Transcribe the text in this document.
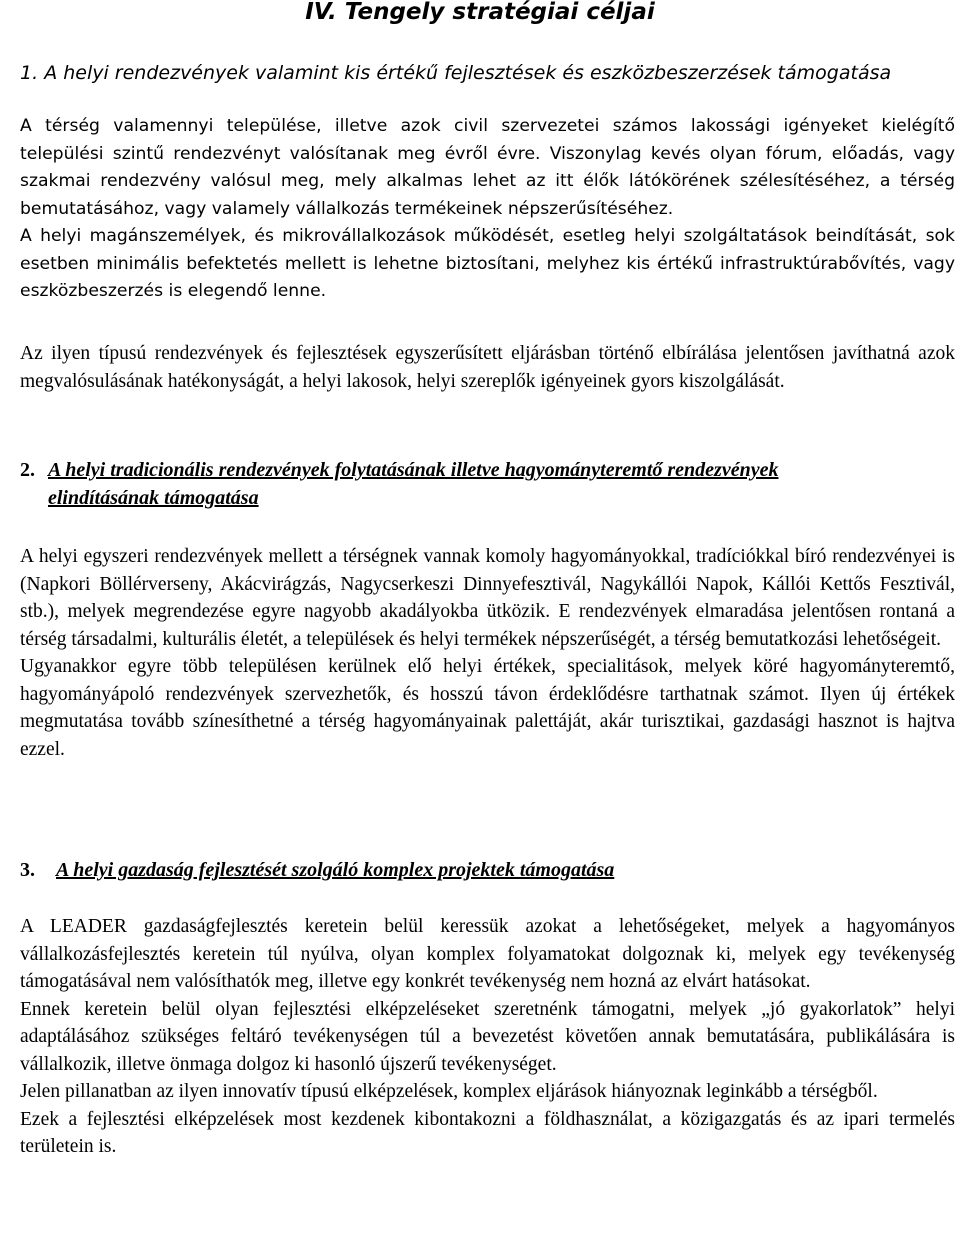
IV. Tengely stratégiai céljai
1. A helyi rendezvények valamint kis értékű fejlesztések és eszközbeszerzések támogatása

A térség valamennyi települése, illetve azok civil szervezetei számos lakossági igényeket kielégítő települési szintű rendezvényt valósítanak meg évről évre. Viszonylag kevés olyan fórum, előadás, vagy szakmai rendezvény valósul meg, mely alkalmas lehet az itt élők látókörének szélesítéséhez, a térség bemutatásához, vagy valamely vállalkozás termékeinek népszerűsítéséhez.

A helyi magánszemélyek, és mikrovállalkozások működését, esetleg helyi szolgáltatások beindítását, sok esetben minimális befektetés mellett is lehetne biztosítani, melyhez kis értékű infrastruktúrabővítés, vagy eszközbeszerzés is elegendő lenne.

Az ilyen típusú rendezvények és fejlesztések egyszerűsített eljárásban történő elbírálása jelentősen javíthatná azok megvalósulásának hatékonyságát, a helyi lakosok, helyi szereplők igényeinek gyors kiszolgálását.

2. A helyi tradicionális rendezvények folytatásának illetve hagyományteremtő rendezvények
elindításának támogatása

A helyi egyszeri rendezvények mellett a térségnek vannak komoly hagyományokkal, tradíciókkal bíró rendezvényei is (Napkori Böllérverseny, Akácvirágzás, Nagycserkeszi Dinnyefesztivál, Nagykállói Napok, Kállói Kettős Fesztivál, stb.), melyek megrendezése egyre nagyobb akadályokba ütközik. E rendezvények elmaradása jelentősen rontaná a térség társadalmi, kulturális életét, a települések és helyi termékek népszerűségét, a térség bemutatkozási lehetőségeit.

Ugyanakkor egyre több településen kerülnek elő helyi értékek, specialitások, melyek köré hagyományteremtő, hagyományápoló rendezvények szervezhetők, és hosszú távon érdeklődésre tarthatnak számot. Ilyen új értékek megmutatása tovább színesíthetné a térség hagyományainak palettáját, akár turisztikai, gazdasági hasznot is hajtva ezzel.

3. A helyi gazdaság fejlesztését szolgáló komplex projektek támogatása

A LEADER gazdaságfejlesztés keretein belül keressük azokat a lehetőségeket, melyek a hagyományos vállalkozásfejlesztés keretein túl nyúlva, olyan komplex folyamatokat dolgoznak ki, melyek egy tevékenység támogatásával nem valósíthatók meg, illetve egy konkrét tevékenység nem hozná az elvárt hatásokat.

Ennek keretein belül olyan fejlesztési elképzeléseket szeretnénk támogatni, melyek „jó gyakorlatok” helyi adaptálásához szükséges feltáró tevékenységen túl a bevezetést követően annak bemutatására, publikálására is vállalkozik, illetve önmaga dolgoz ki hasonló újszerű tevékenységet.

Jelen pillanatban az ilyen innovatív típusú elképzelések, komplex eljárások hiányoznak leginkább a térségből.

Ezek a fejlesztési elképzelések most kezdenek kibontakozni a földhasználat, a közigazgatás és az ipari termelés területein is.
